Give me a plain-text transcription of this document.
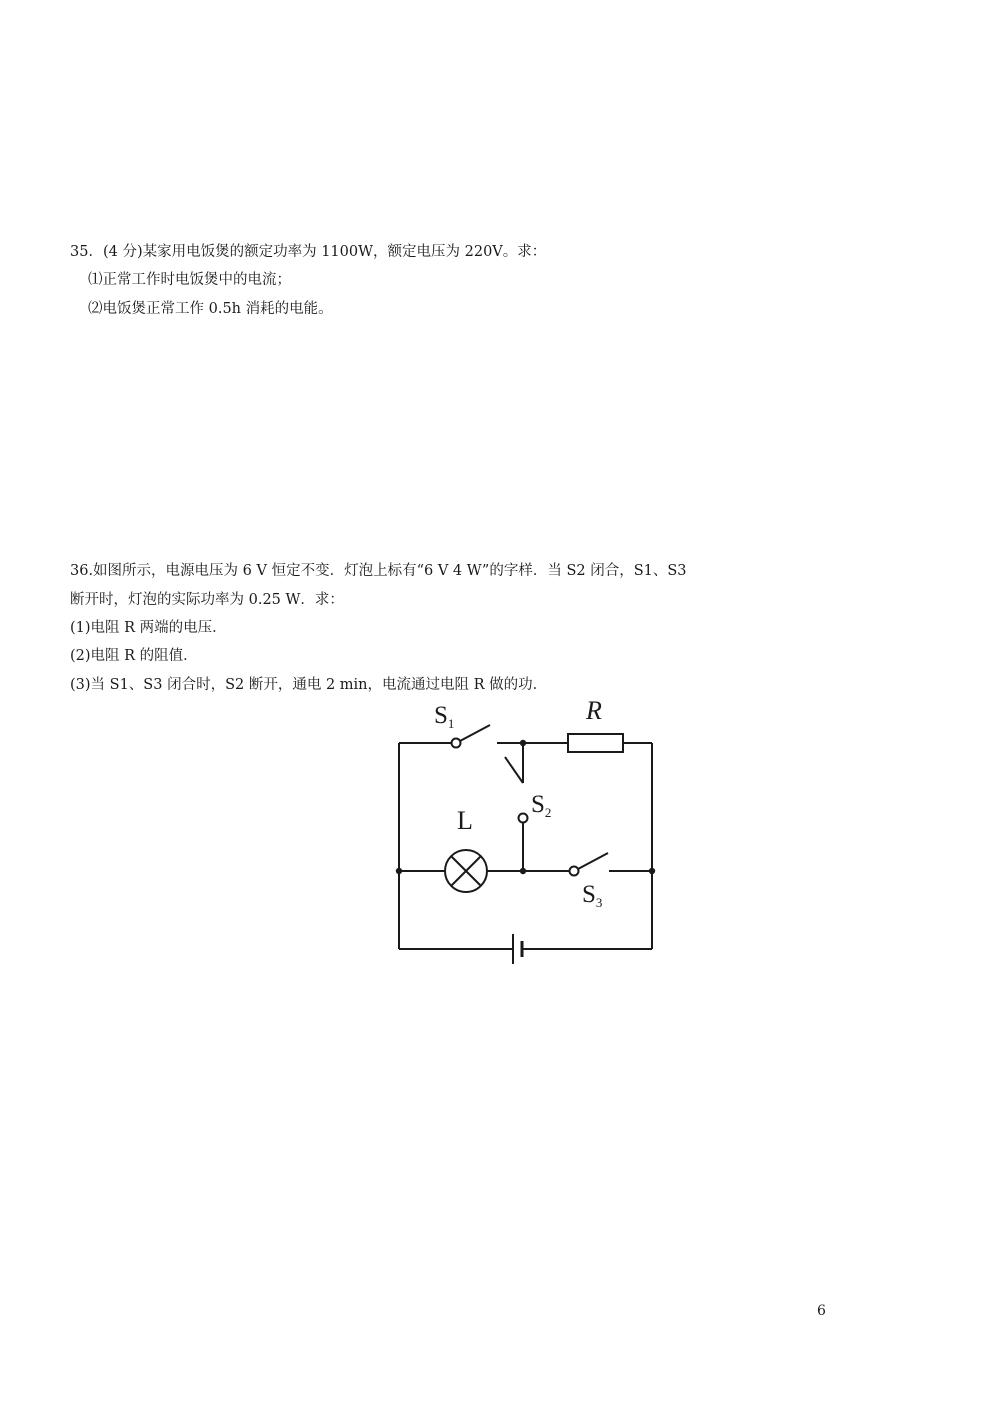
35．(4 分)某家用电饭煲的额定功率为 1100W，额定电压为 220V。求：
⑴正常工作时电饭煲中的电流；
⑵电饭煲正常工作 0.5h 消耗的电能。
36.如图所示，电源电压为 6 V 恒定不变．灯泡上标有“6 V 4 W”的字样．当 S2 闭合，S1、S3
断开时，灯泡的实际功率为 0.25 W．求：
(1)电阻 R 两端的电压．
(2)电阻 R 的阻值．
(3)当 S1、S3 闭合时，S2 断开，通电 2 min，电流通过电阻 R 做的功．
$S_1$	R
$S_2$
L
$S_3$
6
